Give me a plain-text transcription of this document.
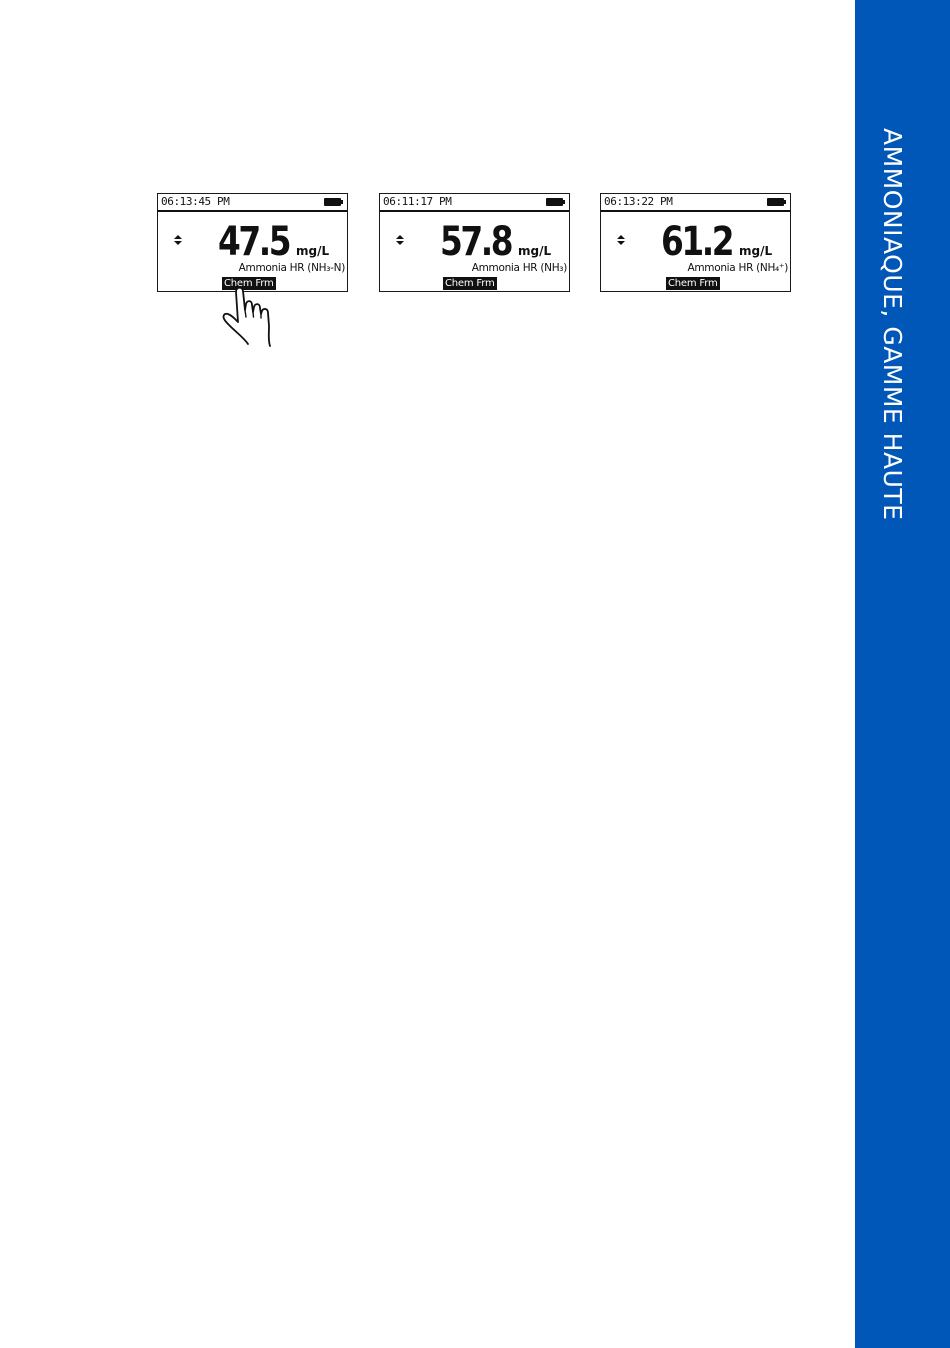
AMMONIAQUE, GAMME HAUTE
06:13:45 PM
47.5 mg/L
Ammonia HR (NH₃-N)
Chem Frm
06:11:17 PM
57.8 mg/L
Ammonia HR (NH₃)
Chem Frm
06:13:22 PM
61.2 mg/L
Ammonia HR (NH₄⁺)
Chem Frm
